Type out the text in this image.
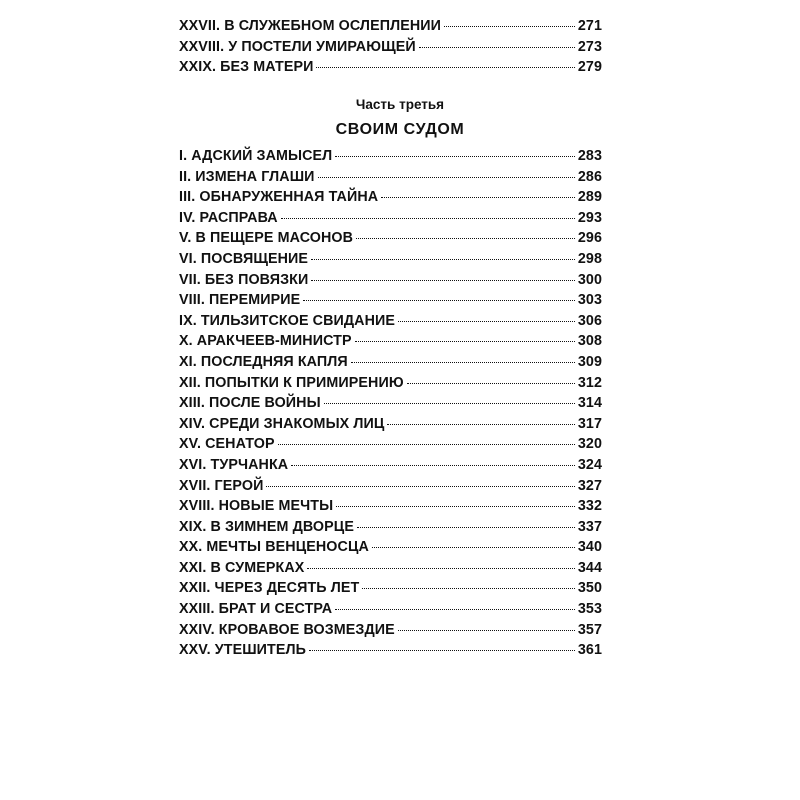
XXVII. В СЛУЖЕБНОМ ОСЛЕПЛЕНИИ	271
XXVIII. У ПОСТЕЛИ УМИРАЮЩЕЙ	273
XXIX. БЕЗ МАТЕРИ	279
Часть третья
СВОИМ СУДОМ
I. АДСКИЙ ЗАМЫСЕЛ	283
II. ИЗМЕНА ГЛАШИ	286
III. ОБНАРУЖЕННАЯ ТАЙНА	289
IV. РАСПРАВА	293
V. В ПЕЩЕРЕ МАСОНОВ	296
VI. ПОСВЯЩЕНИЕ	298
VII. БЕЗ ПОВЯЗКИ	300
VIII. ПЕРЕМИРИЕ	303
IX. ТИЛЬЗИТСКОЕ СВИДАНИЕ	306
X. АРАКЧЕЕВ-МИНИСТР	308
XI. ПОСЛЕДНЯЯ КАПЛЯ	309
XII. ПОПЫТКИ К ПРИМИРЕНИЮ	312
XIII. ПОСЛЕ ВОЙНЫ	314
XIV. СРЕДИ ЗНАКОМЫХ ЛИЦ	317
XV. СЕНАТОР	320
XVI. ТУРЧАНКА	324
XVII. ГЕРОЙ	327
XVIII. НОВЫЕ МЕЧТЫ	332
XIX. В ЗИМНЕМ ДВОРЦЕ	337
XX. МЕЧТЫ ВЕНЦЕНОСЦА	340
XXI. В СУМЕРКАХ	344
XXII. ЧЕРЕЗ ДЕСЯТЬ ЛЕТ	350
XXIII. БРАТ И СЕСТРА	353
XXIV. КРОВАВОЕ ВОЗМЕЗДИЕ	357
XXV. УТЕШИТЕЛЬ	361
